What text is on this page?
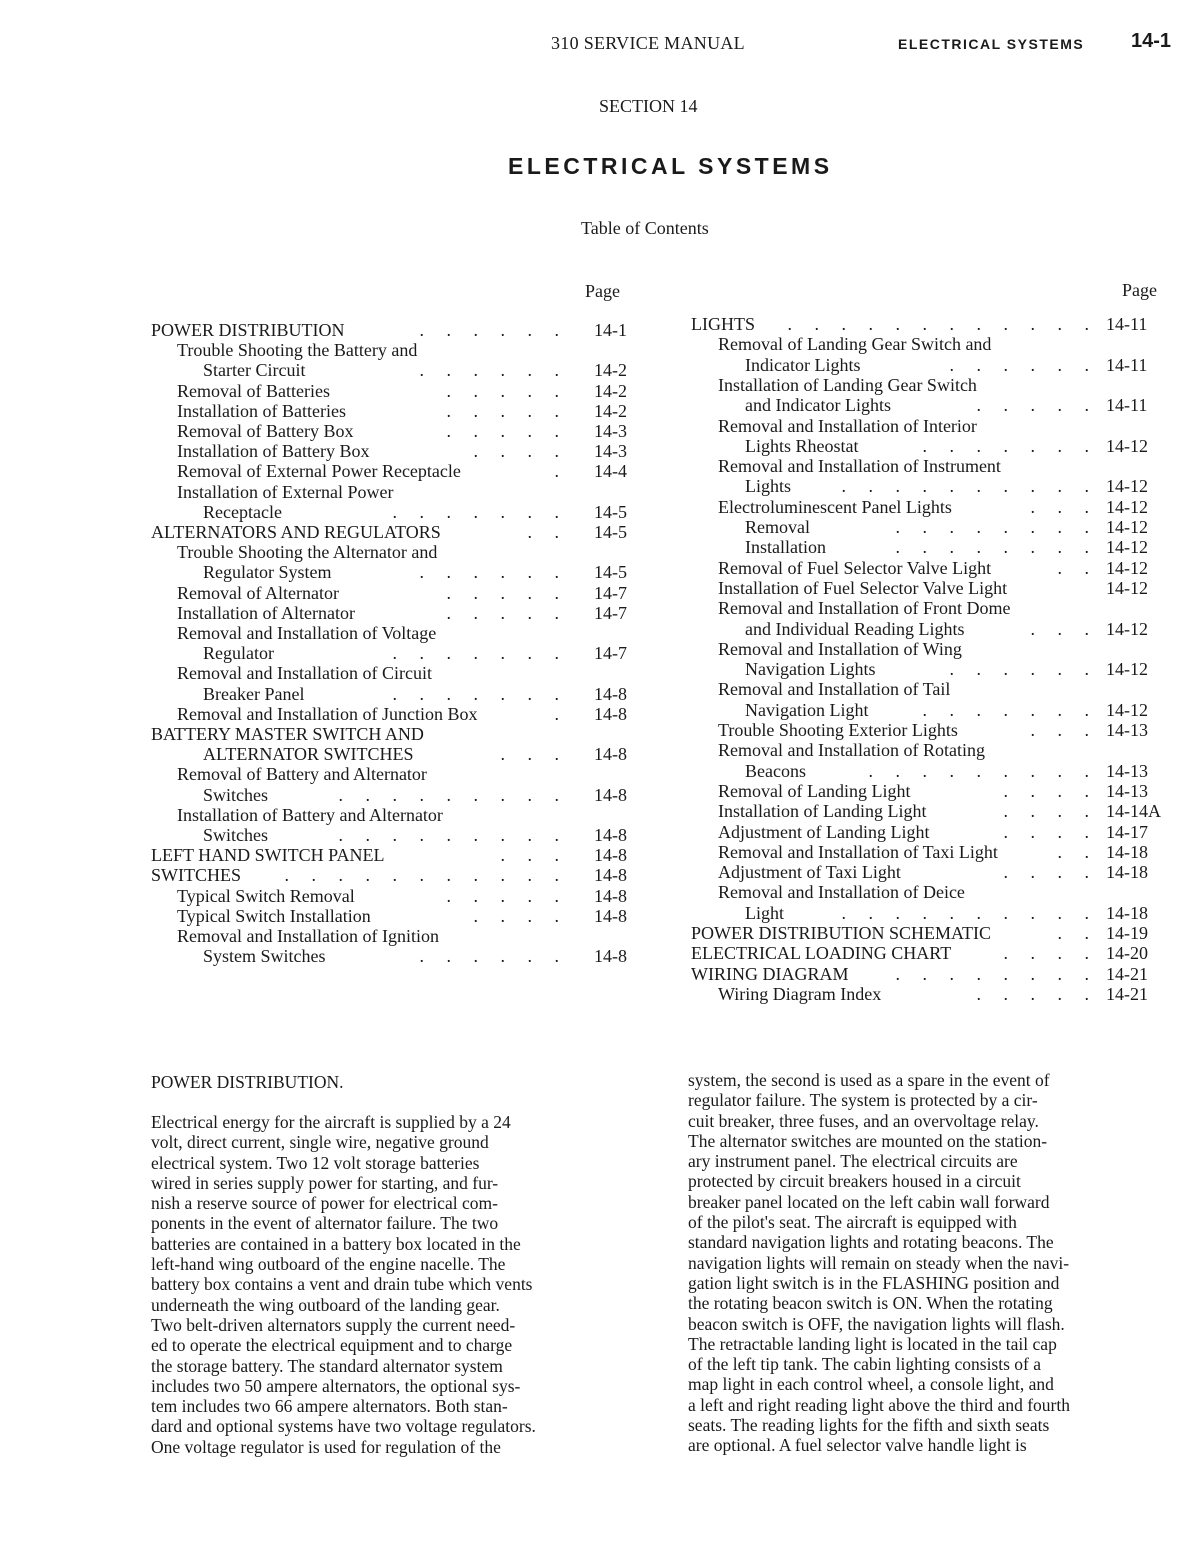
310 SERVICE MANUAL	ELECTRICAL SYSTEMS 14-1
SECTION 14
ELECTRICAL SYSTEMS
Table of Contents
Page	Page
POWER DISTRIBUTION	. . . . . . 14-1
Trouble Shooting the Battery and
Starter Circuit	. . . . . . 14-2
Removal of Batteries	. . . . . 14-2
Installation of Batteries	. . . . . 14-2
Removal of Battery Box	. . . . . 14-3
Installation of Battery Box	. . . . 14-3
Removal of External Power Receptacle	. 14-4
Installation of External Power
Receptacle	. . . . . . . 14-5
ALTERNATORS AND REGULATORS	. . 14-5
Trouble Shooting the Alternator and
Regulator System	. . . . . . 14-5
Removal of Alternator	. . . . . 14-7
Installation of Alternator	. . . . . 14-7
Removal and Installation of Voltage
Regulator	. . . . . . . 14-7
Removal and Installation of Circuit
Breaker Panel	. . . . . . . 14-8
Removal and Installation of Junction Box	. 14-8
BATTERY MASTER SWITCH AND
ALTERNATOR SWITCHES	. . . 14-8
Removal of Battery and Alternator
Switches	. . . . . . . . . 14-8
Installation of Battery and Alternator
Switches	. . . . . . . . . 14-8
LEFT HAND SWITCH PANEL	. . . 14-8
SWITCHES . . . . . . . . . . . 14-8
Typical Switch Removal	. . . . . 14-8
Typical Switch Installation	. . . . 14-8
Removal and Installation of Ignition
System Switches	. . . . . . 14-8
LIGHTS . . . . . . . . . . . . 14-11
Removal of Landing Gear Switch and
Indicator Lights	. . . . . . 14-11
Installation of Landing Gear Switch
and Indicator Lights	. . . . . 14-11
Removal and Installation of Interior
Lights Rheostat	. . . . . . . 14-12
Removal and Installation of Instrument
Lights	. . . . . . . . . . 14-12
Electroluminescent Panel Lights	. . . 14-12
Removal	. . . . . . . . 14-12
Installation	. . . . . . . . 14-12
Removal of Fuel Selector Valve Light	. . 14-12
Installation of Fuel Selector Valve Light	14-12
Removal and Installation of Front Dome
and Individual Reading Lights	. . . 14-12
Removal and Installation of Wing
Navigation Lights	. . . . . . 14-12
Removal and Installation of Tail
Navigation Light	. . . . . . . 14-12
Trouble Shooting Exterior Lights	. . . 14-13
Removal and Installation of Rotating
Beacons	. . . . . . . . . 14-13
Removal of Landing Light	. . . . 14-13
Installation of Landing Light	. . . . 14-14A
Adjustment of Landing Light	. . . . 14-17
Removal and Installation of Taxi Light	. . 14-18
Adjustment of Taxi Light	. . . . 14-18
Removal and Installation of Deice
Light	. . . . . . . . . . 14-18
POWER DISTRIBUTION SCHEMATIC	. . 14-19
ELECTRICAL LOADING CHART	. . . . 14-20
WIRING DIAGRAM	. . . . . . . . 14-21
Wiring Diagram Index	. . . . . 14-21
POWER DISTRIBUTION.
Electrical energy for the aircraft is supplied by a 24
volt, direct current, single wire, negative ground
electrical system. Two 12 volt storage batteries
wired in series supply power for starting, and fur-
nish a reserve source of power for electrical com-
ponents in the event of alternator failure. The two
batteries are contained in a battery box located in the
left-hand wing outboard of the engine nacelle. The
battery box contains a vent and drain tube which vents
underneath the wing outboard of the landing gear.
Two belt-driven alternators supply the current need-
ed to operate the electrical equipment and to charge
the storage battery. The standard alternator system
includes two 50 ampere alternators, the optional sys-
tem includes two 66 ampere alternators. Both stan-
dard and optional systems have two voltage regulators.
One voltage regulator is used for regulation of the
system, the second is used as a spare in the event of
regulator failure. The system is protected by a cir-
cuit breaker, three fuses, and an overvoltage relay.
The alternator switches are mounted on the station-
ary instrument panel. The electrical circuits are
protected by circuit breakers housed in a circuit
breaker panel located on the left cabin wall forward
of the pilot's seat. The aircraft is equipped with
standard navigation lights and rotating beacons. The
navigation lights will remain on steady when the navi-
gation light switch is in the FLASHING position and
the rotating beacon switch is ON. When the rotating
beacon switch is OFF, the navigation lights will flash.
The retractable landing light is located in the tail cap
of the left tip tank. The cabin lighting consists of a
map light in each control wheel, a console light, and
a left and right reading light above the third and fourth
seats. The reading lights for the fifth and sixth seats
are optional. A fuel selector valve handle light is
